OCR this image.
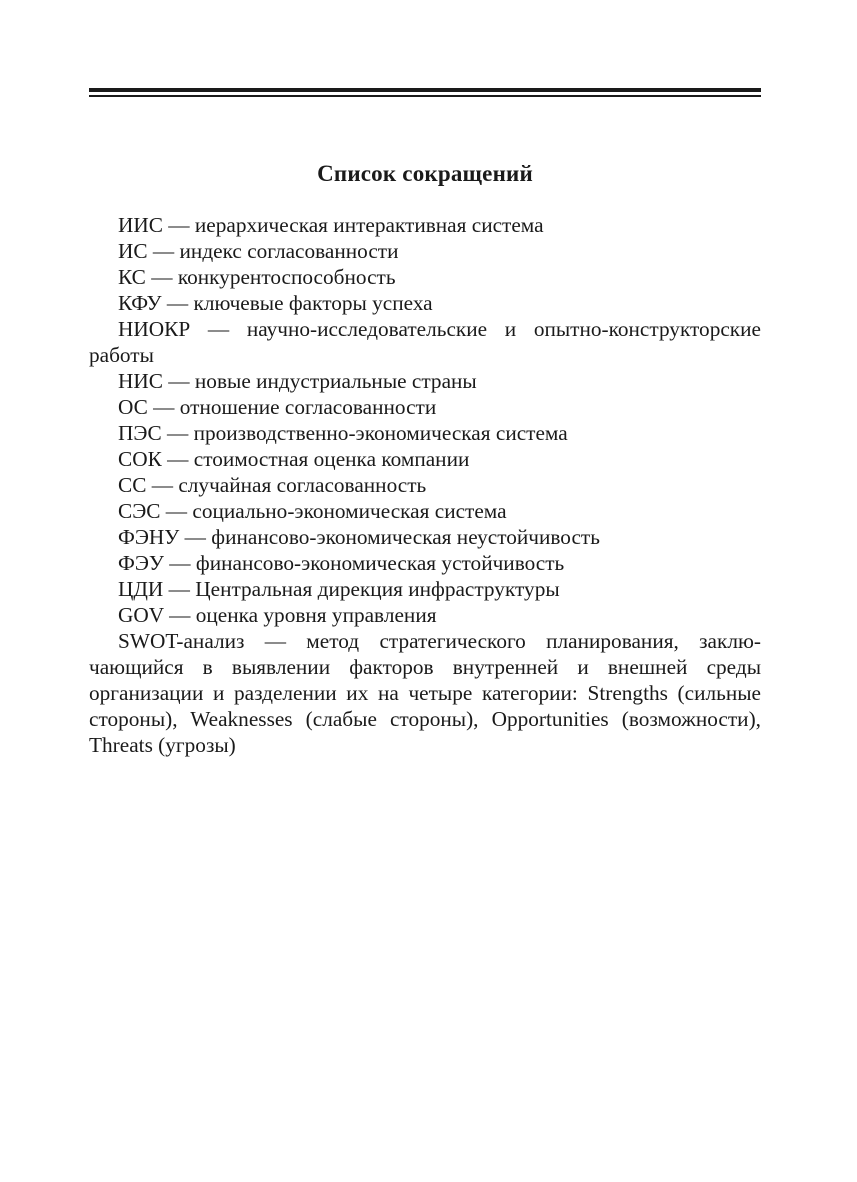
Список сокращений
ИИС — иерархическая интерактивная система
ИС — индекс согласованности
КС — конкурентоспособность
КФУ — ключевые факторы успеха
НИОКР — научно-исследовательские и опытно-конструкторские работы
НИС — новые индустриальные страны
ОС — отношение согласованности
ПЭС — производственно-экономическая система
СОК — стоимостная оценка компании
СС — случайная согласованность
СЭС — социально-экономическая система
ФЭНУ — финансово-экономическая неустойчивость
ФЭУ — финансово-экономическая устойчивость
ЦДИ — Центральная дирекция инфраструктуры
GOV — оценка уровня управления
SWOT-анализ — метод стратегического планирования, заключающийся в выявлении факторов внутренней и внешней среды организации и разделении их на четыре категории: Strengths (сильные стороны), Weaknesses (слабые стороны), Opportunities (возможности), Threats (угрозы)
